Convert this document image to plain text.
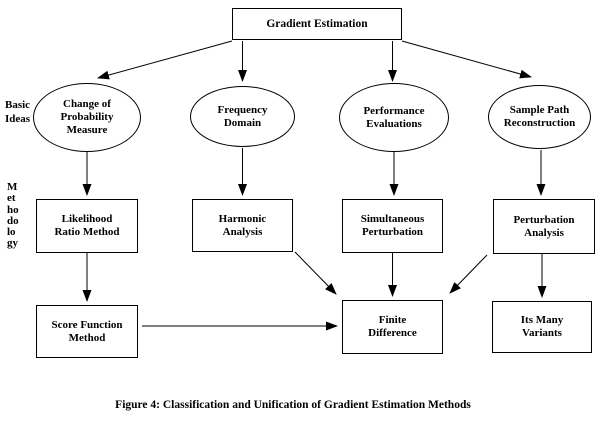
Gradient Estimation
Basic
Ideas
Methodology
Change of
Probability
Measure
Frequency
Domain
Performance
Evaluations
Sample Path
Reconstruction
Likelihood
Ratio Method
Harmonic
Analysis
Simultaneous
Perturbation
Perturbation
Analysis
Score Function
Method
Finite
Difference
Its Many
Variants
Figure 4: Classification and Unification of Gradient Estimation Methods
